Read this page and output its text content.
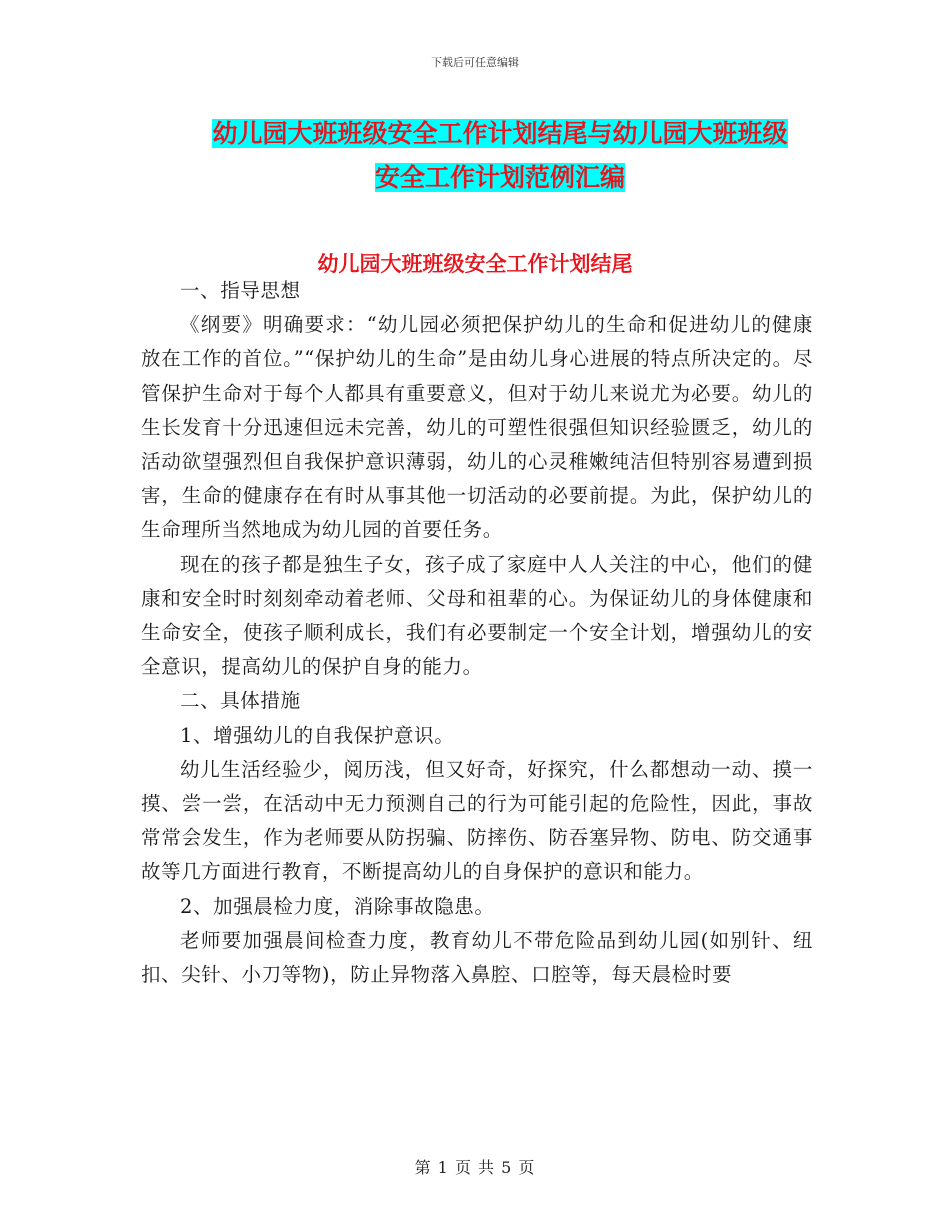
下载后可任意编辑
幼儿园大班班级安全工作计划结尾与幼儿园大班班级
安全工作计划范例汇编
幼儿园大班班级安全工作计划结尾

一、指导思想

《纲要》明确要求：“幼儿园必须把保护幼儿的生命和促进幼儿的健康放在工作的首位。”“保护幼儿的生命”是由幼儿身心进展的特点所决定的。尽管保护生命对于每个人都具有重要意义，但对于幼儿来说尤为必要。幼儿的生长发育十分迅速但远未完善，幼儿的可塑性很强但知识经验匮乏，幼儿的活动欲望强烈但自我保护意识薄弱，幼儿的心灵稚嫩纯洁但特别容易遭到损害，生命的健康存在有时从事其他一切活动的必要前提。为此，保护幼儿的生命理所当然地成为幼儿园的首要任务。

现在的孩子都是独生子女，孩子成了家庭中人人关注的中心，他们的健康和安全时时刻刻牵动着老师、父母和祖辈的心。为保证幼儿的身体健康和生命安全，使孩子顺利成长，我们有必要制定一个安全计划，增强幼儿的安全意识，提高幼儿的保护自身的能力。

二、具体措施

1、增强幼儿的自我保护意识。

幼儿生活经验少，阅历浅，但又好奇，好探究，什么都想动一动、摸一摸、尝一尝，在活动中无力预测自己的行为可能引起的危险性，因此，事故常常会发生，作为老师要从防拐骗、防摔伤、防吞塞异物、防电、防交通事故等几方面进行教育，不断提高幼儿的自身保护的意识和能力。

2、加强晨检力度，消除事故隐患。

老师要加强晨间检查力度，教育幼儿不带危险品到幼儿园(如别针、纽扣、尖针、小刀等物)，防止异物落入鼻腔、口腔等，每天晨检时要

第 1 页 共 5 页
